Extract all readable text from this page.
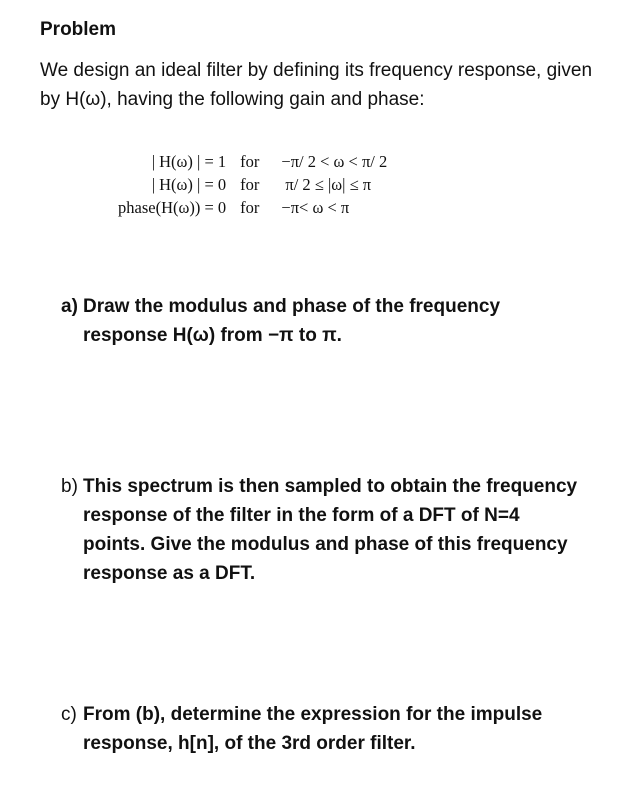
Problem

We design an ideal filter by defining its frequency response, given by H(ω), having the following gain and phase:

| H(ω) | = 1	for	−π/ 2 < ω < π/ 2
| H(ω) | = 0	for	π/ 2 ≤ |ω| ≤ π
phase(H(ω)) = 0	for	−π< ω < π
a) Draw the modulus and phase of the frequency response H(ω) from −π to π.
b) This spectrum is then sampled to obtain the frequency response of the filter in the form of a DFT of N=4 points. Give the modulus and phase of this frequency response as a DFT.
c) From (b), determine the expression for the impulse response, h[n], of the 3rd order filter.
